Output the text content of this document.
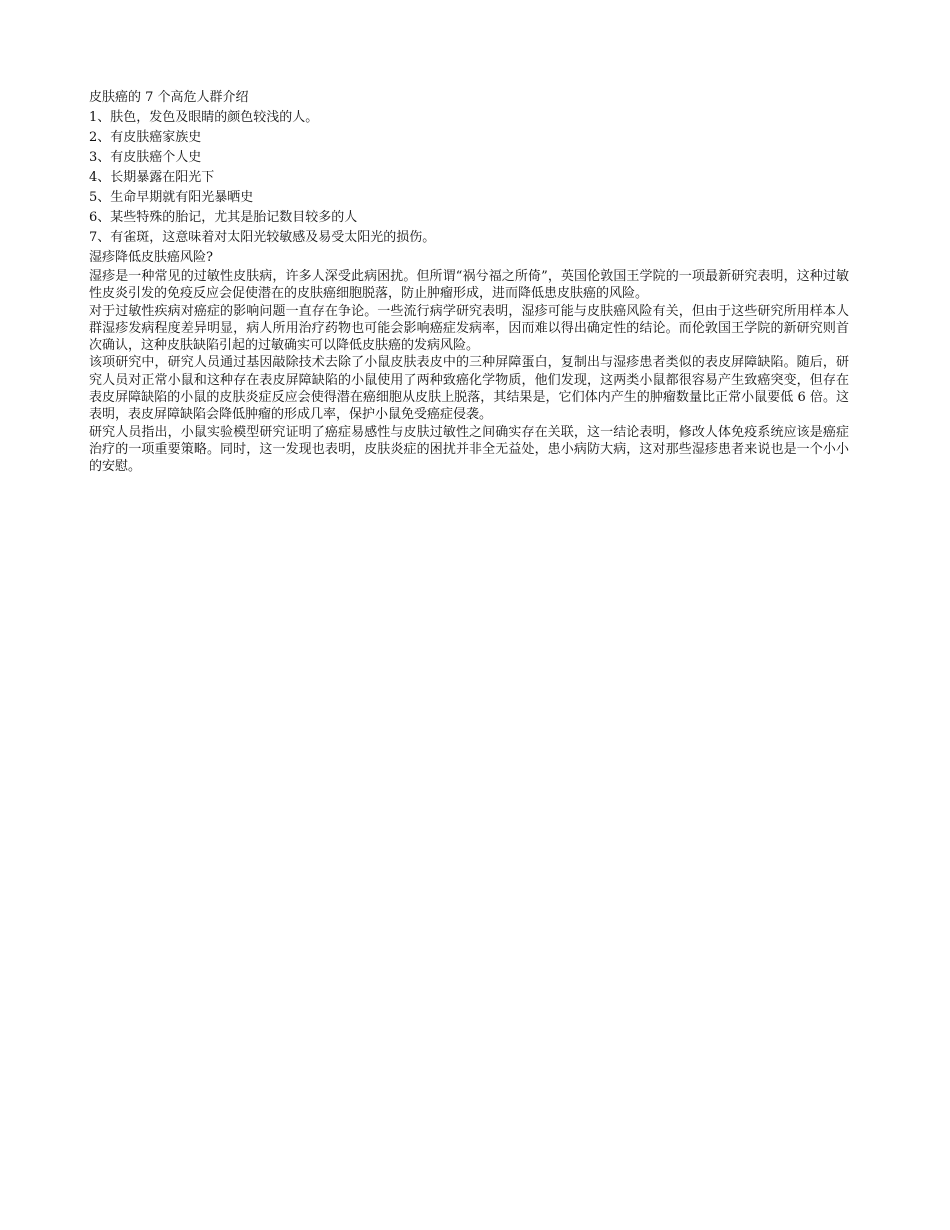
皮肤癌的 7 个高危人群介绍

1、肤色，发色及眼睛的颜色较浅的人。

2、有皮肤癌家族史

3、有皮肤癌个人史

4、长期暴露在阳光下

5、生命早期就有阳光暴晒史

6、某些特殊的胎记，尤其是胎记数目较多的人

7、有雀斑，这意味着对太阳光较敏感及易受太阳光的损伤。

湿疹降低皮肤癌风险?

湿疹是一种常见的过敏性皮肤病，许多人深受此病困扰。但所谓“祸兮福之所倚”，英国伦敦国王学院的一项最新研究表明，这种过敏性皮炎引发的免疫反应会促使潜在的皮肤癌细胞脱落，防止肿瘤形成，进而降低患皮肤癌的风险。

对于过敏性疾病对癌症的影响问题一直存在争论。一些流行病学研究表明，湿疹可能与皮肤癌风险有关，但由于这些研究所用样本人群湿疹发病程度差异明显，病人所用治疗药物也可能会影响癌症发病率，因而难以得出确定性的结论。而伦敦国王学院的新研究则首次确认，这种皮肤缺陷引起的过敏确实可以降低皮肤癌的发病风险。

该项研究中，研究人员通过基因敲除技术去除了小鼠皮肤表皮中的三种屏障蛋白，复制出与湿疹患者类似的表皮屏障缺陷。随后，研究人员对正常小鼠和这种存在表皮屏障缺陷的小鼠使用了两种致癌化学物质，他们发现，这两类小鼠都很容易产生致癌突变，但存在表皮屏障缺陷的小鼠的皮肤炎症反应会使得潜在癌细胞从皮肤上脱落，其结果是，它们体内产生的肿瘤数量比正常小鼠要低 6 倍。这表明，表皮屏障缺陷会降低肿瘤的形成几率，保护小鼠免受癌症侵袭。

研究人员指出，小鼠实验模型研究证明了癌症易感性与皮肤过敏性之间确实存在关联，这一结论表明，修改人体免疫系统应该是癌症治疗的一项重要策略。同时，这一发现也表明，皮肤炎症的困扰并非全无益处，患小病防大病，这对那些湿疹患者来说也是一个小小的安慰。
